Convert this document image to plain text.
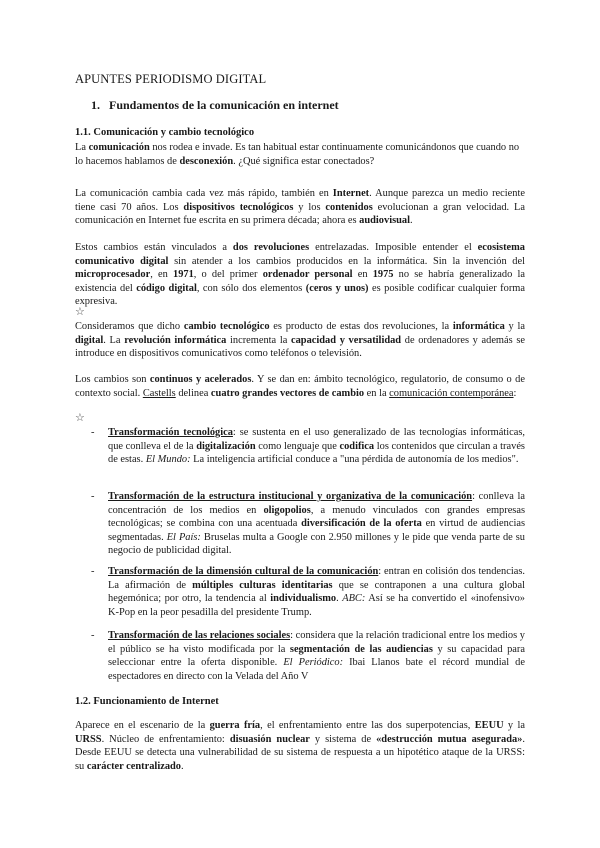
APUNTES PERIODISMO DIGITAL
1. Fundamentos de la comunicación en internet
1.1. Comunicación y cambio tecnológico

La comunicación nos rodea e invade. Es tan habitual estar continuamente comunicándonos que cuando no lo hacemos hablamos de desconexión. ¿Qué significa estar conectados?

La comunicación cambia cada vez más rápido, también en Internet. Aunque parezca un medio reciente tiene casi 70 años. Los dispositivos tecnológicos y los contenidos evolucionan a gran velocidad. La comunicación en Internet fue escrita en su primera década; ahora es audiovisual.

Estos cambios están vinculados a dos revoluciones entrelazadas. Imposible entender el ecosistema comunicativo digital sin atender a los cambios producidos en la informática. Sin la invención del microprocesador, en 1971, o del primer ordenador personal en 1975 no se habría generalizado la existencia del código digital, con sólo dos elementos (ceros y unos) es posible codificar cualquier forma expresiva.

☆

Consideramos que dicho cambio tecnológico es producto de estas dos revoluciones, la informática y la digital. La revolución informática incrementa la capacidad y versatilidad de ordenadores y además se introduce en dispositivos comunicativos como teléfonos o televisión.

Los cambios son continuos y acelerados. Y se dan en: ámbito tecnológico, regulatorio, de consumo o de contexto social. Castells delinea cuatro grandes vectores de cambio en la comunicación contemporánea:

☆
- Transformación tecnológica: se sustenta en el uso generalizado de las tecnologías informáticas, que conlleva el de la digitalización como lenguaje que codifica los contenidos que circulan a través de estas. El Mundo: La inteligencia artificial conduce a "una pérdida de autonomía de los medios".
- Transformación de la estructura institucional y organizativa de la comunicación: conlleva la concentración de los medios en oligopolios, a menudo vinculados con grandes empresas tecnológicas; se combina con una acentuada diversificación de la oferta en virtud de audiencias segmentadas. El País: Bruselas multa a Google con 2.950 millones y le pide que venda parte de su negocio de publicidad digital.
- Transformación de la dimensión cultural de la comunicación: entran en colisión dos tendencias. La afirmación de múltiples culturas identitarias que se contraponen a una cultura global hegemónica; por otro, la tendencia al individualismo. ABC: Así se ha convertido el «inofensivo» K-Pop en la peor pesadilla del presidente Trump.
- Transformación de las relaciones sociales: considera que la relación tradicional entre los medios y el público se ha visto modificada por la segmentación de las audiencias y su capacidad para seleccionar entre la oferta disponible. El Periódico: Ibai Llanos bate el récord mundial de espectadores en directo con la Velada del Año V
1.2. Funcionamiento de Internet

Aparece en el escenario de la guerra fría, el enfrentamiento entre las dos superpotencias, EEUU y la URSS. Núcleo de enfrentamiento: disuasión nuclear y sistema de «destrucción mutua asegurada». Desde EEUU se detecta una vulnerabilidad de su sistema de respuesta a un hipotético ataque de la URSS: su carácter centralizado.
